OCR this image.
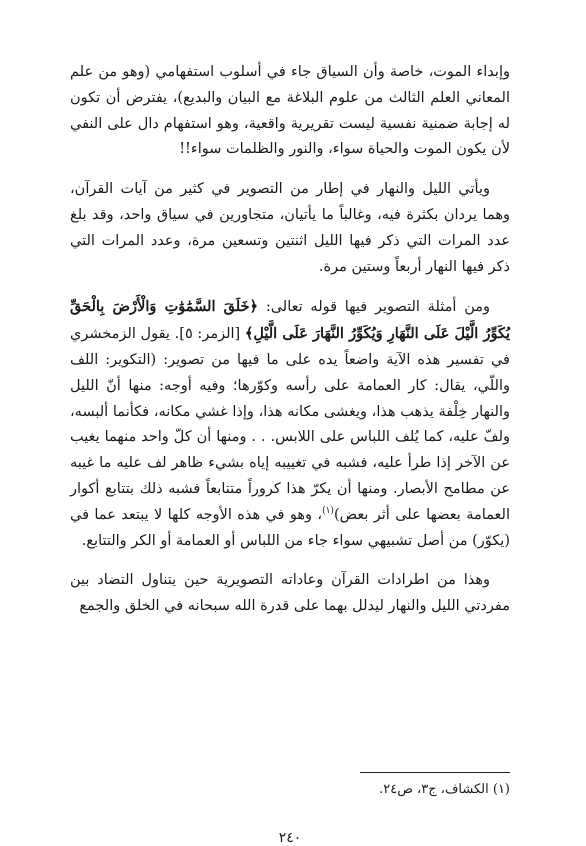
وإبداء الموت، خاصة وأن السياق جاء في أسلوب استفهامي (وهو من علم المعاني العلم الثالث من علوم البلاغة مع البيان والبديع)، يفترض أن تكون له إجابة ضمنية نفسية ليست تقريرية واقعية، وهو استفهام دال على النفي لأن يكون الموت والحياة سواء، والنور والظلمات سواء!!

ويأتي الليل والنهار في إطار من التصوير في كثير من آيات القرآن، وهما يردان بكثرة فيه، وغالباً ما يأتيان، متجاورين في سياق واحد، وقد بلغ عدد المرات التي ذكر فيها الليل اثنتين وتسعين مرة، وعدد المرات التي ذكر فيها النهار أربعاً وستين مرة.

ومن أمثلة التصوير فيها قوله تعالى: ﴿خَلَقَ السَّمَٰوَٰتِ وَالْأَرْضَ بِالْحَقِّ يُكَوِّرُ الَّيْلَ عَلَى النَّهَارِ وَيُكَوِّرُ النَّهَارَ عَلَى الَّيْلِ﴾ [الزمر: ٥]. يقول الزمخشري في تفسير هذه الآية واضعاً يده على ما فيها من تصوير: (التكوير: اللف واللّي، يقال: كار العمامة على رأسه وكوّرها؛ وفيه أوجه: منها أنّ الليل والنهار خِلْفة يذهب هذا، ويغشى مكانه هذا، وإذا غشي مكانه، فكأنما ألبسه، ولفّ عليه، كما يُلف اللباس على اللابس. . . ومنها أن كلّ واحد منهما يغيب عن الآخر إذا طرأ عليه، فشبه في تغييبه إياه بشيء ظاهر لف عليه ما غيبه عن مطامح الأبصار. ومنها أن يكرّ هذا كروراً متتابعاً فشبه ذلك بتتابع أكوار العمامة بعضها على أثر بعض)$^{(١)}$، وهو في هذه الأوجه كلها لا يبتعد عما في (يكوّر) من أصل تشبيهي سواء جاء من اللباس أو العمامة أو الكر والتتابع.

وهذا من اطرادات القرآن وعاداته التصويرية حين يتناول التضاد بين مفردتي الليل والنهار ليدلل بهما على قدرة الله سبحانه في الخلق والجمع

(١) الكشاف، ج٣، ص٢٤.

٢٤٠
